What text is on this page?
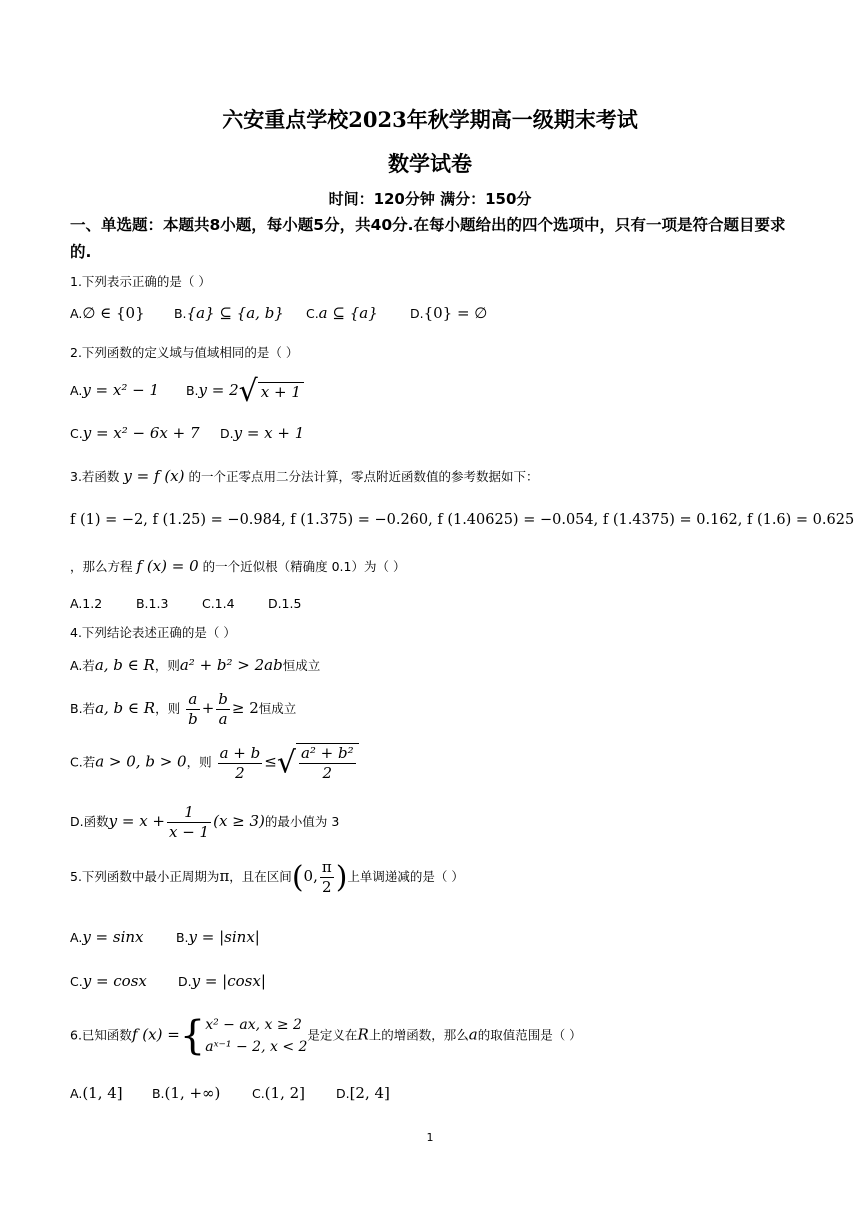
六安重点学校2023年秋学期高一级期末考试
数学试卷
时间：120分钟 满分：150分
一、单选题：本题共8小题，每小题5分，共40分.在每小题给出的四个选项中，只有一项是符合题目要求的.
1.下列表示正确的是（ ）
A.∅ ∈ {0} B.{a} ⊆ {a, b} C.a ⊆ {a}	D.{0} = ∅
2.下列函数的定义域与值域相同的是（ ）
A.y = x² − 1 B.y = 2√ x + 1
C.y = x² − 6x + 7 D.y = x + 1
3.若函数 y = f (x) 的一个正零点用二分法计算，零点附近函数值的参考数据如下：
f (1) = −2, f (1.25) = −0.984, f (1.375) = −0.260, f (1.40625) = −0.054, f (1.4375) = 0.162, f (1.6) = 0.625
，那么方程 f (x) = 0 的一个近似根（精确度 0.1）为（ ）
A.1.2	B.1.3	C.1.4	D.1.5
4.下列结论表述正确的是（ ）
A.若a, b ∈ R，则a² + b² > 2ab恒成立
B.若a, b ∈ R，则 $\frac{a}{b} + \frac{b}{a} \ge 2$恒成立
C.若a > 0, b > 0，则 $\frac{a + b}{2}$ ≤√ $\frac{\text{a² + b²}}{2}$
D.函数$y = x + \frac{1}{x - 1} (x \ge 3)$的最小值为 3
5.下列函数中最小正周期为π，且在区间(0, $\frac{\pi}{2}$ )上单调递减的是（ ）
A.y = sinx	B.y = |sinx|
C.y = cosx D.y = |cosx|
6.已知函数f (x) ={ x² − ax, x ≥ 2
aˣ⁻¹ − 2, x < 2
是定义在R上的增函数，那么a的取值范围是（ ）
A.(1, 4] B.(1, +∞)	C.(1, 2] D.[2, 4]
1
